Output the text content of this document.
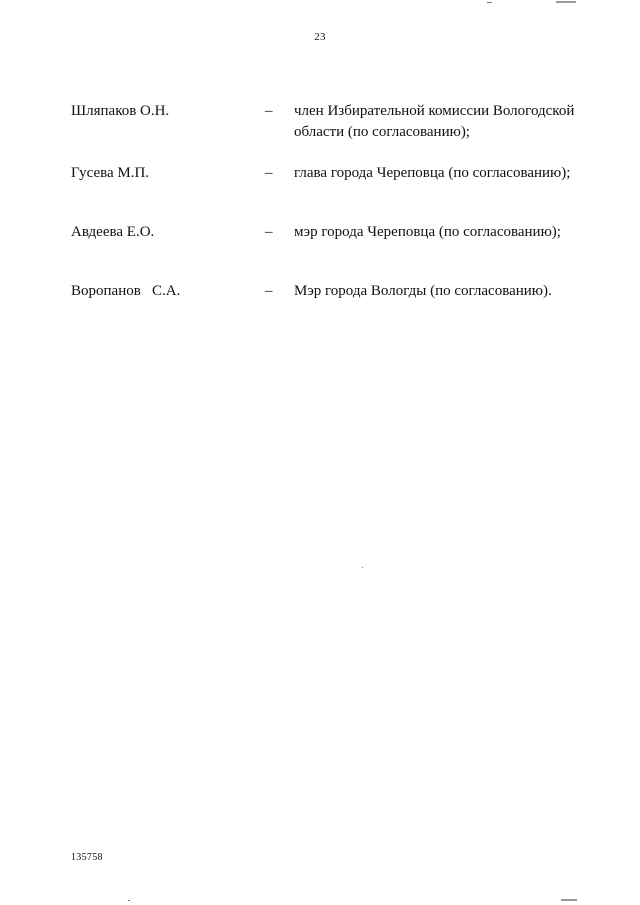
23
Шляпаков О.Н.	– член Избирательной комиссии Вологодской области (по согласованию);
Гусева М.П.	– глава города Череповца (по согласованию);
Авдеева Е.О.	– мэр города Череповца (по согласованию);
Воропанов   С.А.	– Мэр города Вологды (по согласованию).
135758
